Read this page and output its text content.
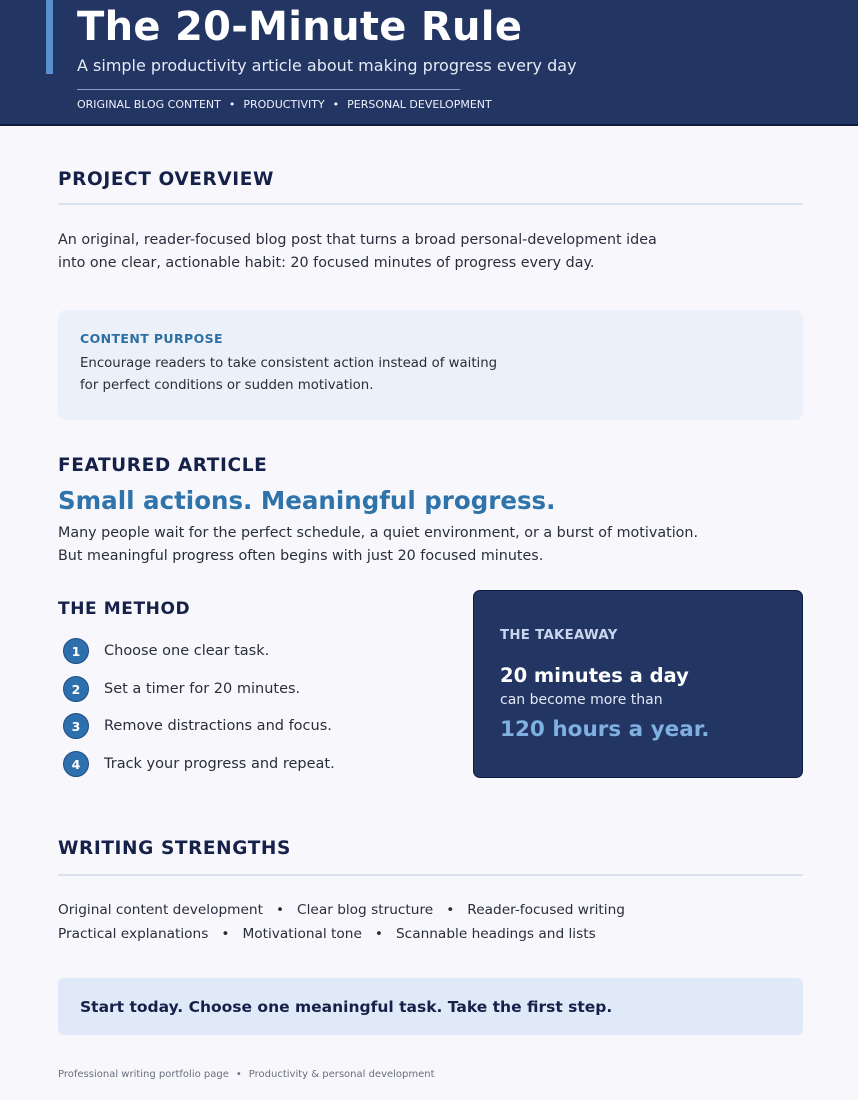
The 20-Minute Rule
A simple productivity article about making progress every day
ORIGINAL BLOG CONTENT • PRODUCTIVITY • PERSONAL DEVELOPMENT
PROJECT OVERVIEW
An original, reader-focused blog post that turns a broad personal-development idea
into one clear, actionable habit: 20 focused minutes of progress every day.
CONTENT PURPOSE
Encourage readers to take consistent action instead of waiting
for perfect conditions or sudden motivation.
FEATURED ARTICLE
Small actions. Meaningful progress.
Many people wait for the perfect schedule, a quiet environment, or a burst of motivation.
But meaningful progress often begins with just 20 focused minutes.
THE METHOD
1	Choose one clear task.
2	Set a timer for 20 minutes.
3	Remove distractions and focus.
4	Track your progress and repeat.
THE TAKEAWAY
20 minutes a day
can become more than
120 hours a year.
WRITING STRENGTHS
Original content development • Clear blog structure • Reader-focused writing
Practical explanations • Motivational tone • Scannable headings and lists
Start today. Choose one meaningful task. Take the first step.
Professional writing portfolio page • Productivity & personal development
